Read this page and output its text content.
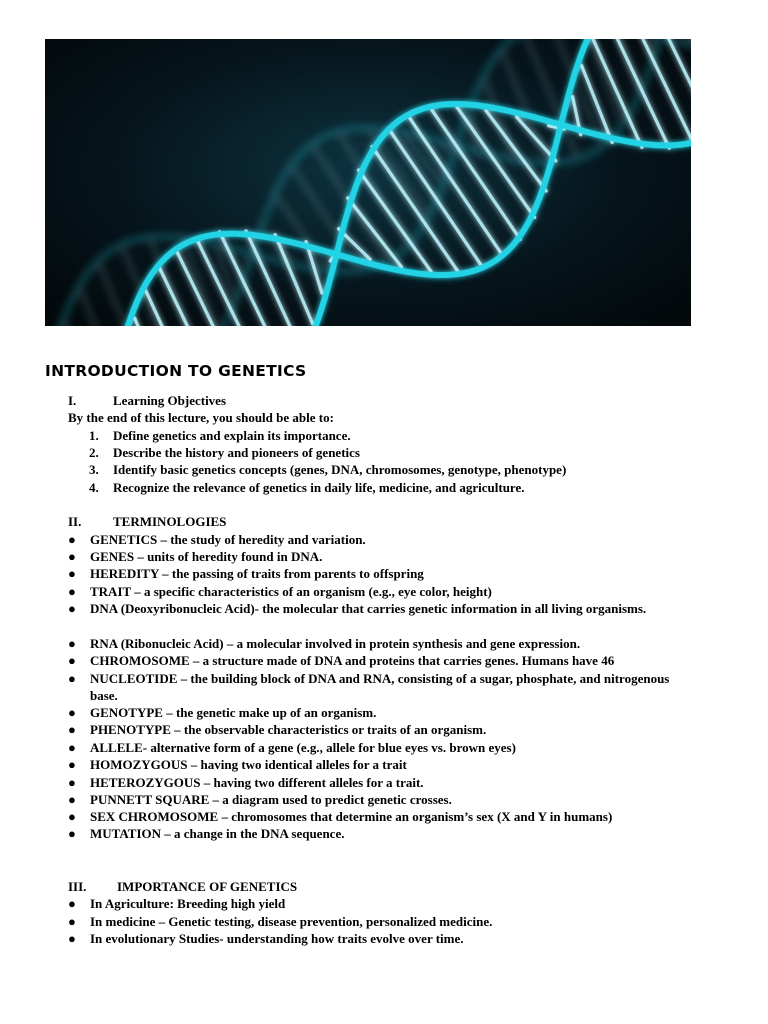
INTRODUCTION TO GENETICS
I.	Learning Objectives
By the end of this lecture, you should be able to:
1. Define genetics and explain its importance.
2. Describe the history and pioneers of genetics
3. Identify basic genetics concepts (genes, DNA, chromosomes, genotype, phenotype)
4. Recognize the relevance of genetics in daily life, medicine, and agriculture.
II. TERMINOLOGIES
● GENETICS – the study of heredity and variation.
● GENES – units of heredity found in DNA.
● HEREDITY – the passing of traits from parents to offspring
● TRAIT – a specific characteristics of an organism (e.g., eye color, height)
● DNA (Deoxyribonucleic Acid)- the molecular that carries genetic information in all living organisms.
● RNA (Ribonucleic Acid) – a molecular involved in protein synthesis and gene expression.
● CHROMOSOME – a structure made of DNA and proteins that carries genes. Humans have 46
● NUCLEOTIDE – the building block of DNA and RNA, consisting of a sugar, phosphate, and nitrogenous base.
● GENOTYPE – the genetic make up of an organism.
● PHENOTYPE – the observable characteristics or traits of an organism.
● ALLELE- alternative form of a gene (e.g., allele for blue eyes vs. brown eyes)
● HOMOZYGOUS – having two identical alleles for a trait
● HETEROZYGOUS – having two different alleles for a trait.
● PUNNETT SQUARE – a diagram used to predict genetic crosses.
● SEX CHROMOSOME – chromosomes that determine an organism’s sex (X and Y in humans)
● MUTATION – a change in the DNA sequence.
III. IMPORTANCE OF GENETICS
● In Agriculture: Breeding high yield
● In medicine – Genetic testing, disease prevention, personalized medicine.
● In evolutionary Studies- understanding how traits evolve over time.
